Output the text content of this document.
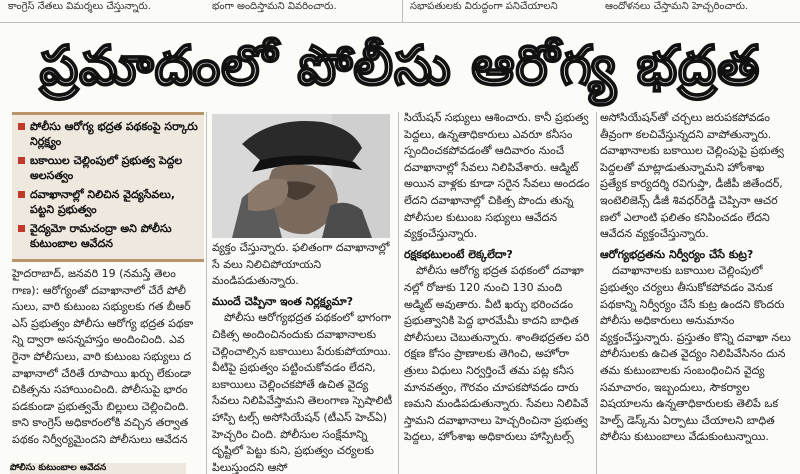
కాంగ్రెస్ నేతలు విమర్శలు చేస్తున్నారు.	భంగా అందిస్తామని వివరించారు.	సభాపతులకు విరుద్ధంగా పనిచేయాలని	ఆందోళనలు చేస్తామని హెచ్చరించారు.
ప్రమాదంలో పోలీసు ఆరోగ్య భద్రత
పోలీసు ఆరోగ్య భద్రత పథకంపై సర్కారు నిర్లక్ష్యం
బకాయిల చెల్లింపులో ప్రభుత్వ పెద్దల అలసత్వం
దవాఖానాల్లో నిలిచిన వైద్యసేవలు, పట్టని ప్రభుత్వం
వైద్యమో రామచంద్రా అని పోలీసు కుటుంబాల ఆవేదన

హైదరాబాద్, జనవరి 19 (నమస్తే తెలం గాణ): ఆరోగ్యంతో దవాఖానాలో చేరే పోలీ సులు, వారి కుటుంబ సభ్యులకు గత బీఆర్ ఎస్ ప్రభుత్వం పోలీసు ఆరోగ్య భద్రత పథకా న్ని ద్వారా అసన్నహస్తం అందించింది. ఎవ రైనా పోలీసులు, వారి కుటుంబ సభ్యులు ద వాఖానాలో చేరితే రూపాయి ఖర్చు లేకుండా చికిత్సను సహాయించింది. పోలీసుపై భారం పడకుండా ప్రభుత్వమే బిల్లులు చెల్లించింది. కాని కాంగ్రెస్ అధికారంలోకి వచ్చిన తర్వాత పథకం నిర్వీర్యమైందని పోలీసులు ఆవేదన

వ్యక్తం చేస్తున్నారు. ఫలితంగా దవాఖానాల్లో సే వలు నిలిచిపోయాయని మండిపడుతున్నారు.

ముందే చెప్పినా ఇంత నిర్లక్ష్యమా?

పోలీసు ఆరోగ్యభద్రత పథకంలో భాగంగా చికిత్స అందించినందుకు దవాఖానాలకు చెల్లించాల్సిన బకాయిలు పేరుకుపోయాయి. వీటిపై ప్రభుత్వం పట్టించుకోవడం లేదని, బకాయిలు చెల్లించకపోతే ఉచిత వైద్య సేవలు నిలిపివేస్తామని తెలంగాణ స్పెషాలిటీ హాస్పి టల్స్ అసోసియేషన్ (టీఎస్ హెచ్ఏ) హెచ్చరిం చింది. పోలీసుల సంక్షేమాన్ని దృష్టిలో పెట్టు కుని, ప్రభుత్వం చర్యలకు పిలుస్తుందని ఆసో

సియేషన్ సభ్యులు ఆశించారు. కానీ ప్రభుత్వ పెద్దలు, ఉన్నతాధికారులు ఎవరూ కనీసం స్పందించకపోవడంతో ఆదివారం నుంచే దవాఖానాల్లో సేవలు నిలిపివేశారు. ఆడ్మిట్ అయిన వాళ్లకు కూడా సరైన సేవలు అందడం లేదని దవాఖానాల్లో చికిత్స పొందు తున్న పోలీసుల కుటుంబ సభ్యులు ఆవేదన వ్యక్తంచేస్తున్నారు.

రక్షకభటులంటే లెక్కలేదా?

పోలీసు ఆరోగ్య భద్రత పథకంలో దవాఖా నల్లో రోజుకు 120 నుంచి 130 మంది అడ్మిట్ అవుతారు. వీటి ఖర్చు భరించడం ప్రభుత్వానికి పెద్ద భారమేమీ కాదని బాధిత పోలీసులు చెబుతున్నారు. శాంతిభద్రతల పరి రక్షణ కోసం ప్రాణాలకు తెగించి, అహోరా త్రులు విధులు నిర్వర్తించే తమ పట్ల కనీస మానవత్వం, గౌరవం చూపకపోవడం దారు ణమని మండిపడుతున్నారు. సేవలు నిలిపివే స్తామని దవాఖానాలు హెచ్చరించినా ప్రభుత్వ పెద్దలు, హోంశాఖ అధికారులు హాస్పిటల్స్

అసోసియేషన్‌తో చర్చలు జరుపకపోవడం తీవ్రంగా కలచివేస్తున్నదని వాపోతున్నారు. దవాఖానాలకు బకాయిల చెల్లింపుపై ప్రభుత్వ పెద్దలతో మాట్లాడుతున్నామని హోంశాఖ ప్రత్యేక కార్యదర్శి రవిగుప్తా, డీజీపీ జితేందర్, ఇంటెలిజెన్స్ డీజీ శివధర్‌రెడ్డి చెప్పినా ఆచర ణలో ఎలాంటి ఫలితం కనిపించడం లేదని ఆవేదన వ్యక్తంచేస్తున్నారు.

ఆరోగ్యభద్రతను నిర్వీర్యం చేసే కుట్ర?

దవాఖానాలకు బకాయిల చెల్లింపులో ప్రభుత్వం చర్యలు తీసుకోకపోవడం వెనుక పథకాన్ని నిర్వీర్యం చేసే కుట్ర ఉందని కొందరు పోలీసు అధికారులు అనుమానం వ్యక్తంచేస్తున్నారు. ప్రస్తుతం కొన్ని దవాఖా నలు పోలీసులకు ఉచిత వైద్యం నిలిపివేసినం దున తమ కుటుంబాలకు సంబంధించిన వైద్య సమాచారం, ఇబ్బందులు, సౌకర్యాల విషయాలను ఉన్నతాధికారులకు తెలిపే ఒక హెల్ప్ డెస్క్‌ను ఏర్పాటు చేయాలని బాధిత పోలీసు కుటుంబాలు వేడుకుంటున్నాయి.

పోలీసు కుటుంబాల ఆవేదన
